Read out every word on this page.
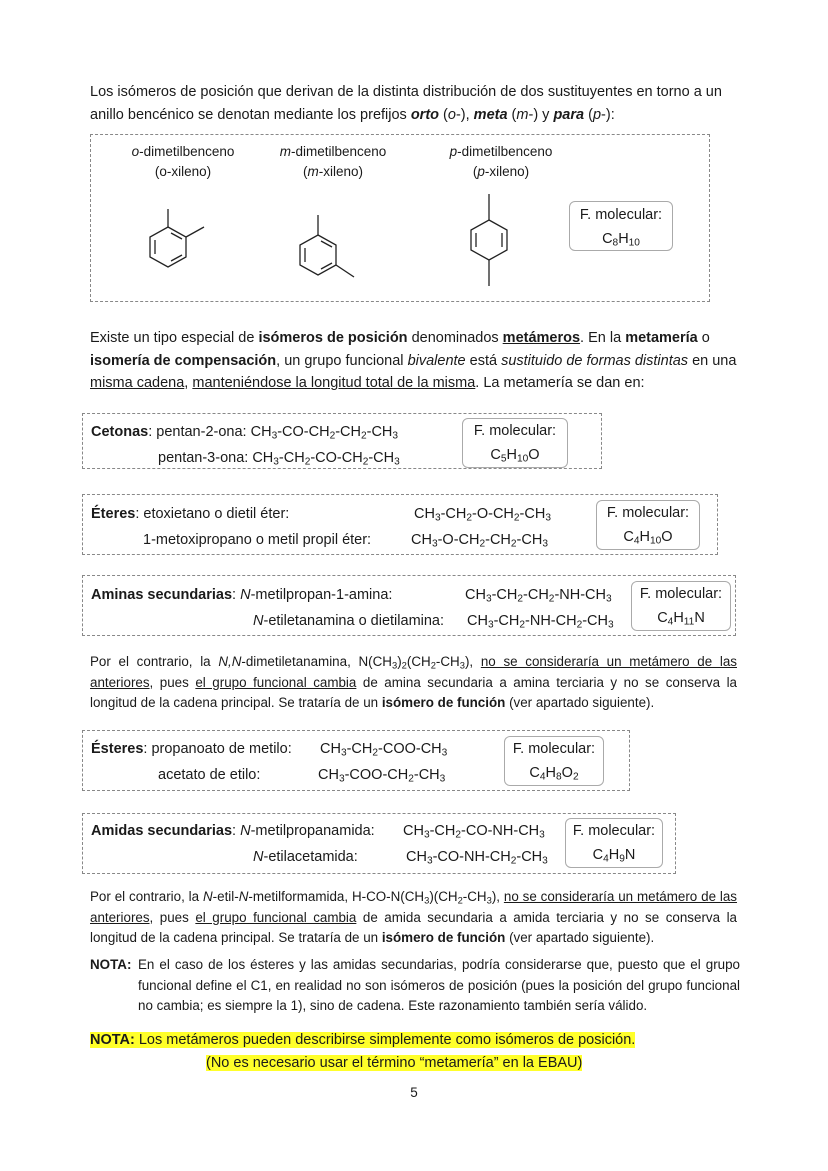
Los isómeros de posición que derivan de la distinta distribución de dos sustituyentes en torno a un anillo bencénico se denotan mediante los prefijos orto (o-), meta (m-) y para (p-):

o-dimetilbenceno
(o-xileno)
m-dimetilbenceno
(m-xileno)
p-dimetilbenceno
(p-xileno)
F. molecular:
$C_8H_{10}$

Existe un tipo especial de isómeros de posición denominados metámeros. En la metamería o isomería de compensación, un grupo funcional bivalente está sustituido de formas distintas en una misma cadena, manteniéndose la longitud total de la misma. La metamería se dan en:

Cetonas: pentan-2-ona: $CH_3-CO-CH_2-CH_2-CH_3$
pentan-3-ona: $CH_3-CH_2-CO-CH_2-CH_3$
F. molecular:
$C_5H_{10}O$
Éteres: etoxietano o dietil éter:	$CH_3-CH_2-O-CH_2-CH_3$
1-metoxipropano o metil propil éter:	$CH_3-O-CH_2-CH_2-CH_3$
F. molecular:
$C_4H_{10}O$
Aminas secundarias: N-metilpropan-1-amina:	$CH_3-CH_2-CH_2-NH-CH_3$
N-etiletanamina o dietilamina: $CH_3-CH_2-NH-CH_2-CH_3$
F. molecular:
$C_4H_{11}N$

Por el contrario, la N,N-dimetiletanamina, $N(CH_3)_2(CH_2-CH_3)$, no se consideraría un metámero de las anteriores, pues el grupo funcional cambia de amina secundaria a amina terciaria y no se conserva la longitud de la cadena principal. Se trataría de un isómero de función (ver apartado siguiente).

Ésteres: propanoato de metilo: $CH_3-CH_2-COO-CH_3$
acetato de etilo:	$CH_3-COO-CH_2-CH_3$
F. molecular:
$C_4H_8O_2$
Amidas secundarias: N-metilpropanamida: $CH_3-CH_2-CO-NH-CH_3$
N-etilacetamida:	$CH_3-CO-NH-CH_2-CH_3$
F. molecular:
$C_4H_9N$

Por el contrario, la N-etil-N-metilformamida, $H-CO-N(CH_3)(CH_2-CH_3)$, no se consideraría un metámero de las anteriores, pues el grupo funcional cambia de amida secundaria a amida terciaria y no se conserva la longitud de la cadena principal. Se trataría de un isómero de función (ver apartado siguiente).

NOTA: En el caso de los ésteres y las amidas secundarias, podría considerarse que, puesto que el grupo funcional define el C1, en realidad no son isómeros de posición (pues la posición del grupo funcional no cambia; es siempre la 1), sino de cadena. Este razonamiento también sería válido.
NOTA: Los metámeros pueden describirse simplemente como isómeros de posición.
(No es necesario usar el término “metamería” en la EBAU)
5
